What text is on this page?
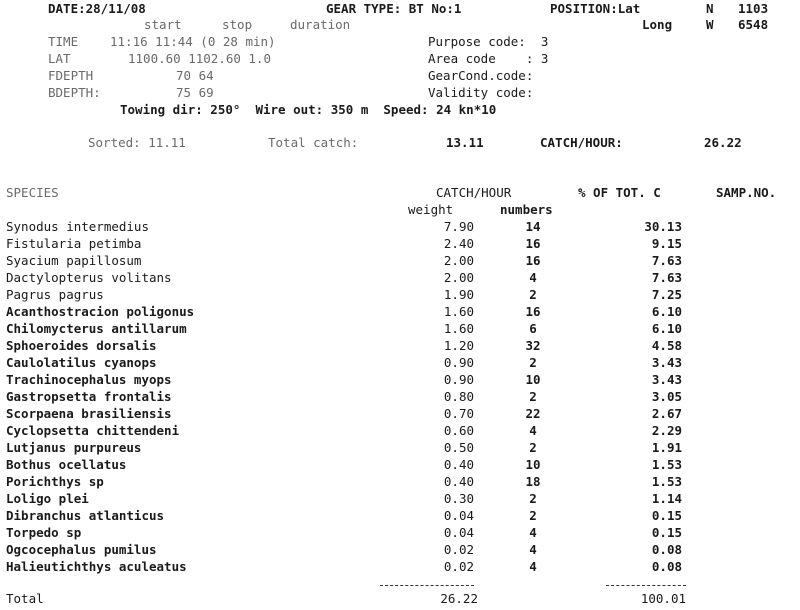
DATE:28/11/08	GEAR TYPE: BT No:1	POSITION:Lat	N 1103
start	stop	duration	Long	W 6548
TIME	11:16 11:44 (0 28 min)	Purpose code:  3
LAT	1100.60 1102.60 1.0	Area code    : 3
FDEPTH	70 64	GearCond.code:
BDEPTH:	75 69	Validity code:
Towing dir: 250°  Wire out: 350 m  Speed: 24 kn*10
Sorted: 11.11	Total catch:	13.11	CATCH/HOUR:	26.22
SPECIES	CATCH/HOUR	% OF TOT. C	SAMP.NO.
weight	numbers
Synodus intermedius	7.90	14	30.13
Fistularia petimba	2.40	16	9.15
Syacium papillosum	2.00	16	7.63
Dactylopterus volitans	2.00	4	7.63
Pagrus pagrus	1.90	2	7.25
Acanthostracion poligonus	1.60	16	6.10
Chilomycterus antillarum	1.60	6	6.10
Sphoeroides dorsalis	1.20	32	4.58
Caulolatilus cyanops	0.90	2	3.43
Trachinocephalus myops	0.90	10	3.43
Gastropsetta frontalis	0.80	2	3.05
Scorpaena brasiliensis	0.70	22	2.67
Cyclopsetta chittendeni	0.60	4	2.29
Lutjanus purpureus	0.50	2	1.91
Bothus ocellatus	0.40	10	1.53
Porichthys sp	0.40	18	1.53
Loligo plei	0.30	2	1.14
Dibranchus atlanticus	0.04	2	0.15
Torpedo sp	0.04	4	0.15
Ogcocephalus pumilus	0.02	4	0.08
Halieutichthys aculeatus	0.02	4	0.08
Total	26.22	100.01
